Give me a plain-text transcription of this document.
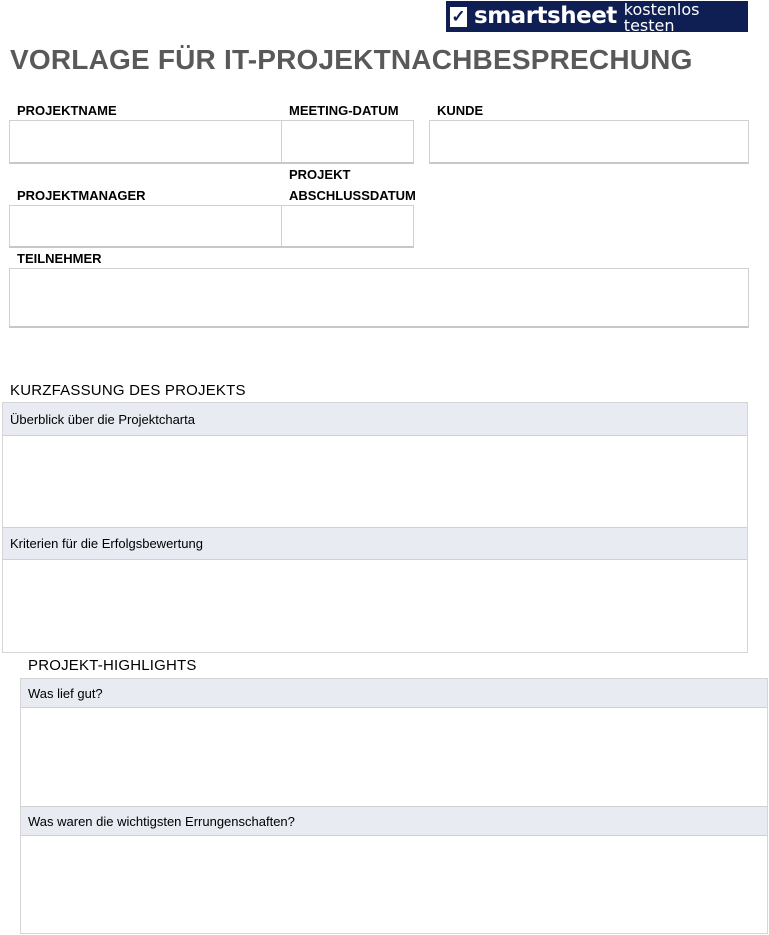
✓ smartsheet kostenlos testen
VORLAGE FÜR IT-PROJEKTNACHBESPRECHUNG
PROJEKTNAME	MEETING-DATUM	KUNDE
PROJEKT
PROJEKTMANAGER	ABSCHLUSSDATUM
TEILNEHMER
KURZFASSUNG DES PROJEKTS
Überblick über die Projektcharta
Kriterien für die Erfolgsbewertung
PROJEKT-HIGHLIGHTS
Was lief gut?
Was waren die wichtigsten Errungenschaften?
